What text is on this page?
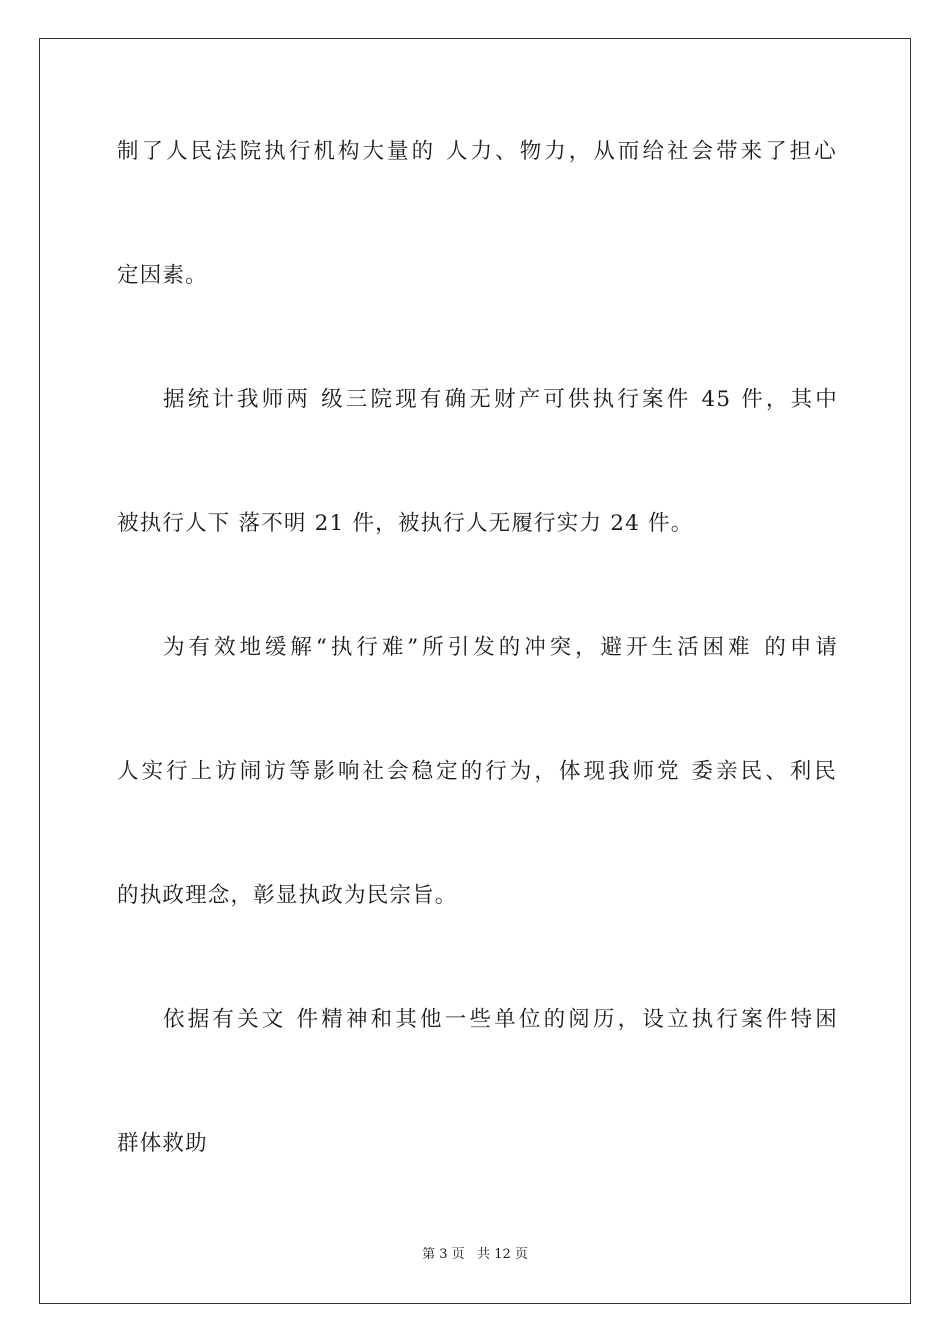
制了人民法院执行机构大量的 人力、物力，从而给社会带来了担心
定因素。
据统计我师两 级三院现有确无财产可供执行案件 45 件，其中
被执行人下 落不明 21 件，被执行人无履行实力 24 件。
为有效地缓解“执行难”所引发的冲突，避开生活困难 的申请
人实行上访闹访等影响社会稳定的行为，体现我师党 委亲民、利民
的执政理念，彰显执政为民宗旨。
依据有关文 件精神和其他一些单位的阅历，设立执行案件特困
群体救助
第 3 页   共 12 页
